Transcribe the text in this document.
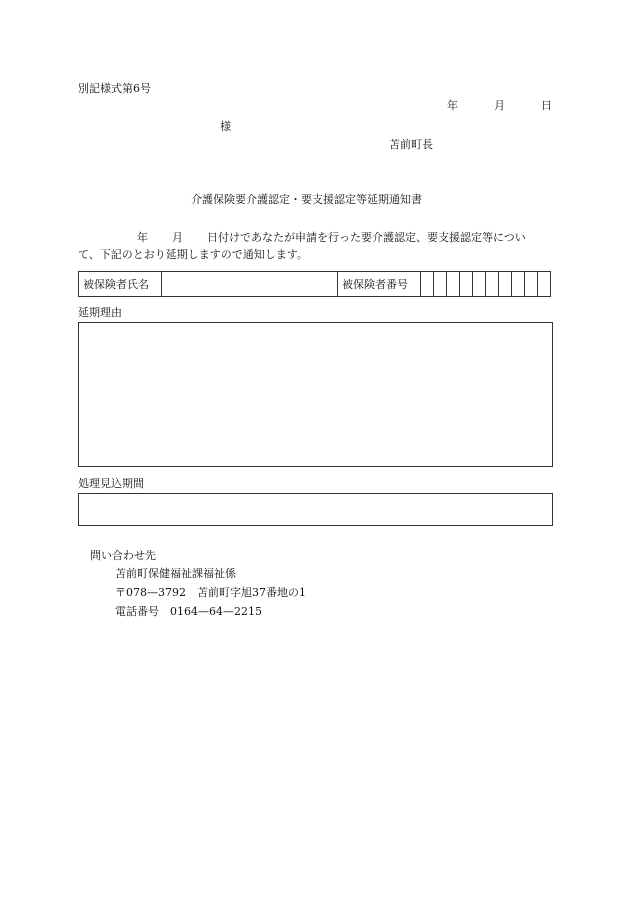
別記様式第6号
年	月	日
様
苫前町長
介護保険要介護認定・要支援認定等延期通知書
年 月 日付けであなたが申請を行った要介護認定、要支援認定等につい
て、下記のとおり延期しますので通知します。
被保険者氏名		被保険者番号										
延期理由
処理見込期間
問い合わせ先
苫前町保健福祉課福祉係
〒078—3792　苫前町字旭37番地の1
電話番号　0164—64—2215
